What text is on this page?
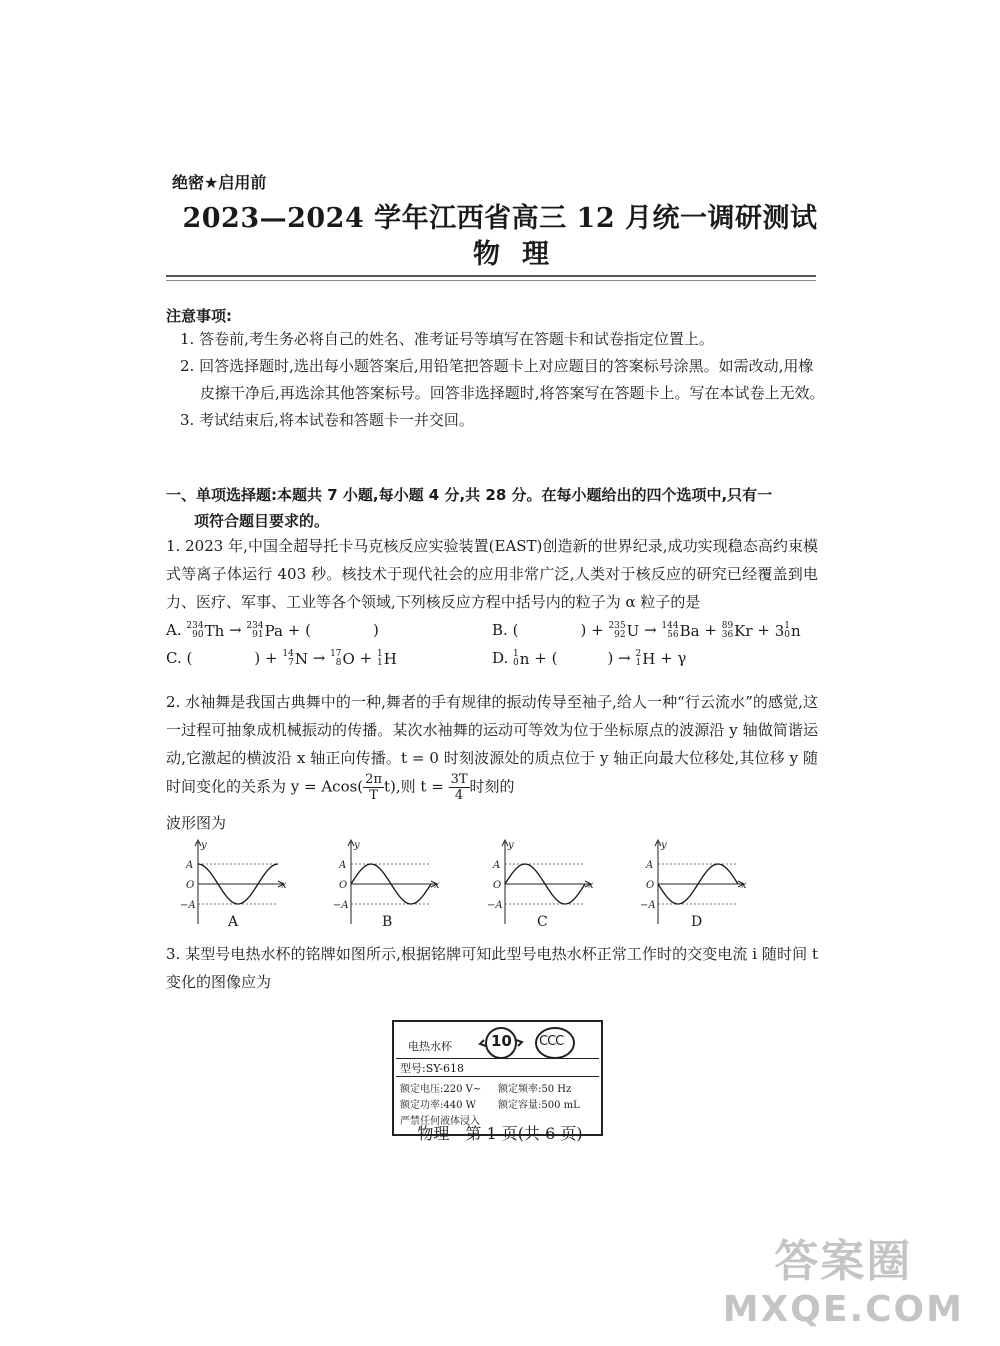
绝密★启用前
2023—2024 学年江西省高三 12 月统一调研测试
物理
注意事项:
1. 答卷前,考生务必将自己的姓名、准考证号等填写在答题卡和试卷指定位置上。
2. 回答选择题时,选出每小题答案后,用铅笔把答题卡上对应题目的答案标号涂黑。如需改动,用橡皮擦干净后,再选涂其他答案标号。回答非选择题时,将答案写在答题卡上。写在本试卷上无效。
3. 考试结束后,将本试卷和答题卡一并交回。
一、单项选择题:本题共 7 小题,每小题 4 分,共 28 分。在每小题给出的四个选项中,只有一
项符合题目要求的。
1. 2023 年,中国全超导托卡马克核反应实验装置(EAST)创造新的世界纪录,成功实现稳态高约束模式等离子体运行 403 秒。核技术于现代社会的应用非常广泛,人类对于核反应的研究已经覆盖到电力、医疗、军事、工业等各个领域,下列核反应方程中括号内的粒子为 α 粒子的是
A. 234
90 Th → 234
91 Pa + (	)	B. (	) + 235
92 U → 144
56 Ba + 89
36 Kr + 3 1
0 n
C. (	) + 14
7 N → 17
8 O + 1
1 H	D. 1
0 n + (	) → 2
1 H + γ
2. 水袖舞是我国古典舞中的一种,舞者的手有规律的振动传导至袖子,给人一种“行云流水”的感觉,这一过程可抽象成机械振动的传播。某次水袖舞的运动可等效为位于坐标原点的波源沿 y 轴做简谐运动,它激起的横波沿 x 轴正向传播。t = 0 时刻波源处的质点位于 y 轴正向最大位移处,其位移 y 随时间变化的关系为 $y = Acos( \frac{2\pi}{T} t)$,则 $t = \frac{3T}{4}$ 时刻的
波形图为
y
x
A
O
−A
y
x
A
O
−A
y
x
A
O
−A
y
x
A
O
−A
A	B	C	D
3. 某型号电热水杯的铭牌如图所示,根据铭牌可知此型号电热水杯正常工作时的交变电流 i 随时间 t 变化的图像应为
电热水杯	10 CCC
型号:SY-618
额定电压:220 V~ 额定频率:50 Hz
额定功率:440 W 额定容量:500 mL
严禁任何液体浸入
物理　第 1 页(共 6 页)
答案圈
MXQE.COM
